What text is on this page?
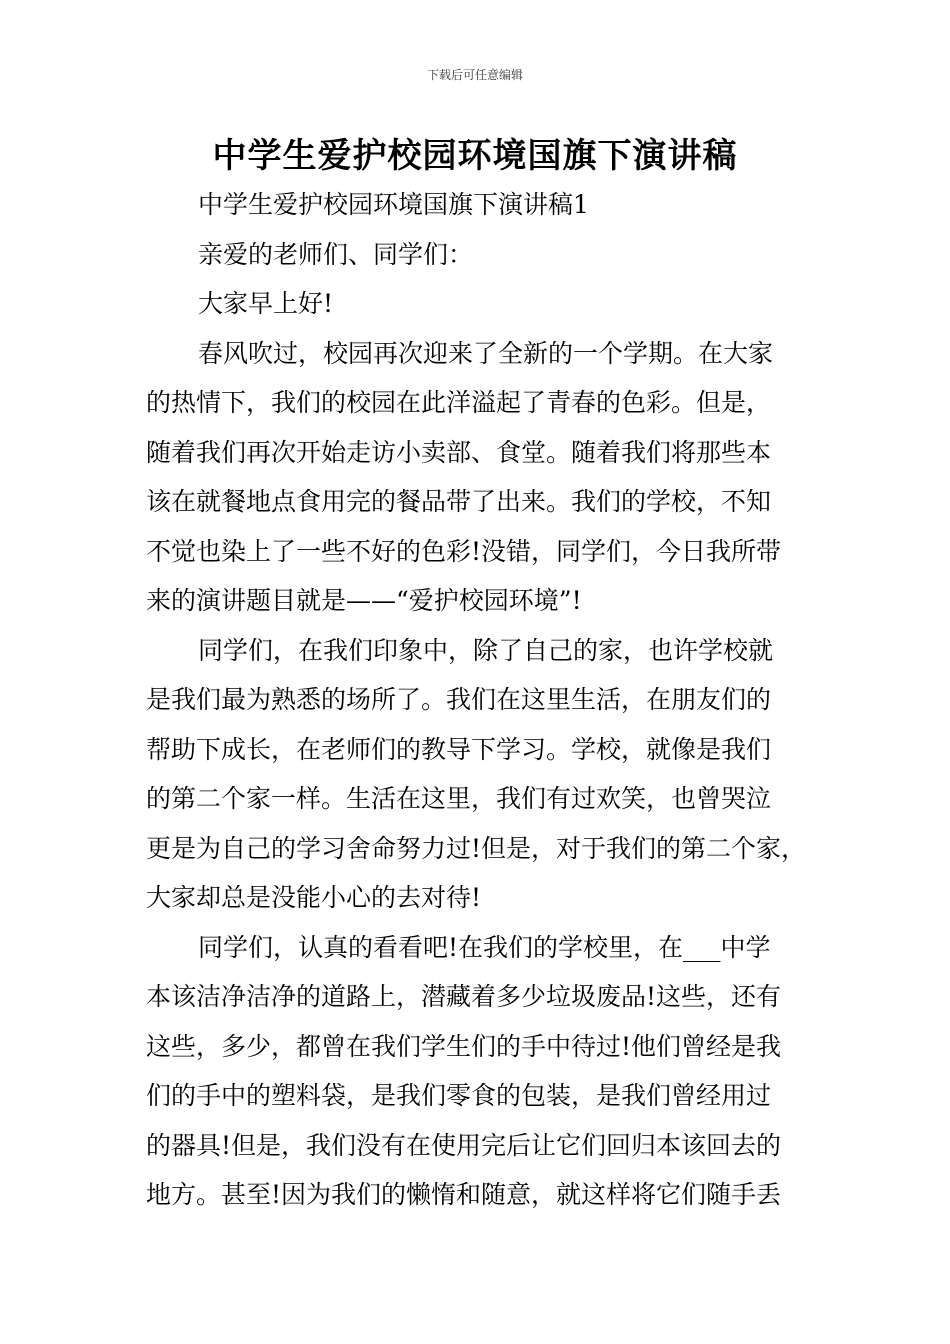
下载后可任意编辑
中学生爱护校园环境国旗下演讲稿
中学生爱护校园环境国旗下演讲稿1
亲爱的老师们、同学们：
大家早上好!
春风吹过，校园再次迎来了全新的一个学期。在大家
的热情下，我们的校园在此洋溢起了青春的色彩。但是，
随着我们再次开始走访小卖部、食堂。随着我们将那些本
该在就餐地点食用完的餐品带了出来。我们的学校，不知
不觉也染上了一些不好的色彩!没错，同学们，今日我所带
来的演讲题目就是——“爱护校园环境”!
同学们，在我们印象中，除了自己的家，也许学校就
是我们最为熟悉的场所了。我们在这里生活，在朋友们的
帮助下成长，在老师们的教导下学习。学校，就像是我们
的第二个家一样。生活在这里，我们有过欢笑，也曾哭泣
更是为自己的学习舍命努力过!但是，对于我们的第二个家，
大家却总是没能小心的去对待!
同学们，认真的看看吧!在我们的学校里，在___中学
本该洁净洁净的道路上，潜藏着多少垃圾废品!这些，还有
这些，多少，都曾在我们学生们的手中待过!他们曾经是我
们的手中的塑料袋，是我们零食的包装，是我们曾经用过
的器具!但是，我们没有在使用完后让它们回归本该回去的
地方。甚至!因为我们的懒惰和随意，就这样将它们随手丢
